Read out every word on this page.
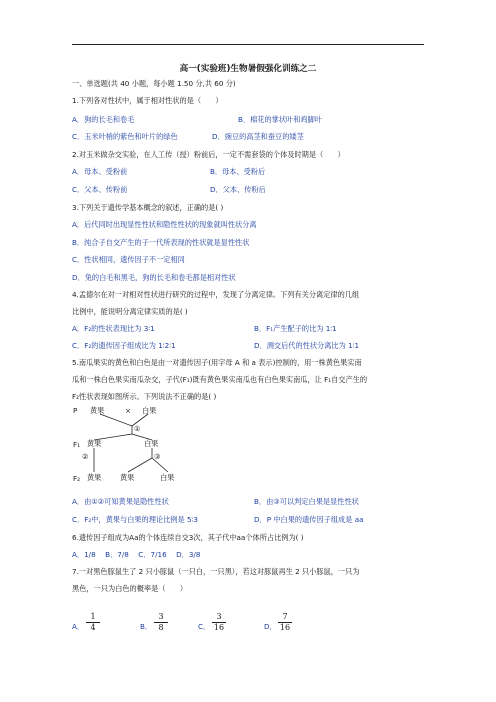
高一(实验班)生物暑假强化训练之二
一、单选题(共 40 小题，每小题 1.50 分,共 60 分)
1.下列各对性状中，属于相对性状的是（　　）
A．狗的长毛和卷毛	B．棉花的掌状叶和鸡脚叶
C．玉米叶梢的紫色和叶片的绿色	D．豌豆的高茎和蚕豆的矮茎
2.对玉米做杂交实验，在人工传（授）粉前后，一定不需套袋的个体及时期是（　　）
A．母本、受粉前	B．母本、受粉后
C．父本、传粉前	D．父本、传粉后
3.下列关于遗传学基本概念的叙述，正确的是( )
A．后代同时出现显性性状和隐性性状的现象就叫性状分离
B．纯合子自交产生的子一代所表现的性状就是显性性状
C．性状相同，遗传因子不一定相同
D．兔的白毛和黑毛，狗的长毛和卷毛都是相对性状
4.孟德尔在对一对相对性状进行研究的过程中，发现了分离定律。下列有关分离定律的几组
比例中，能说明分离定律实质的是( )
A．F₂的性状表现比为 3∶1	B．F₁产生配子的比为 1∶1
C．F₂的遗传因子组成比为 1∶2∶1	D．测交后代的性状分离比为 1∶1
5.南瓜果实的黄色和白色是由一对遗传因子(用字母 A 和 a 表示)控制的，用一株黄色果实南
瓜和一株白色果实南瓜杂交，子代(F₁)既有黄色果实南瓜也有白色果实南瓜，让 F₁自交产生的
F₂性状表现如图所示。下列说法不正确的是( )
P 黄果	× 白果
①
F₁ 黄果	白果
②	③
F₂ 黄果	黄果	白果
A．由①②可知黄果是隐性性状	B．由③可以判定白果是显性性状
C．F₂中，黄果与白果的理论比例是 5∶3	D．P 中白果的遗传因子组成是 aa
6.遗传因子组成为Aa的个体连续自交3次，其子代中aa个体所占比例为( )
A．1/8　 B．7/8　 C．7/16　 D．3/8
7.一对黑色豚鼠生了 2 只小豚鼠（一只白，一只黑），若这对豚鼠再生 2 只小豚鼠，一只为
黑色，一只为白色的概率是（　　）
A． $\frac{1}{4}$	B． $\frac{3}{8}$	C． $\frac{3}{16}$	D． $\frac{7}{16}$
